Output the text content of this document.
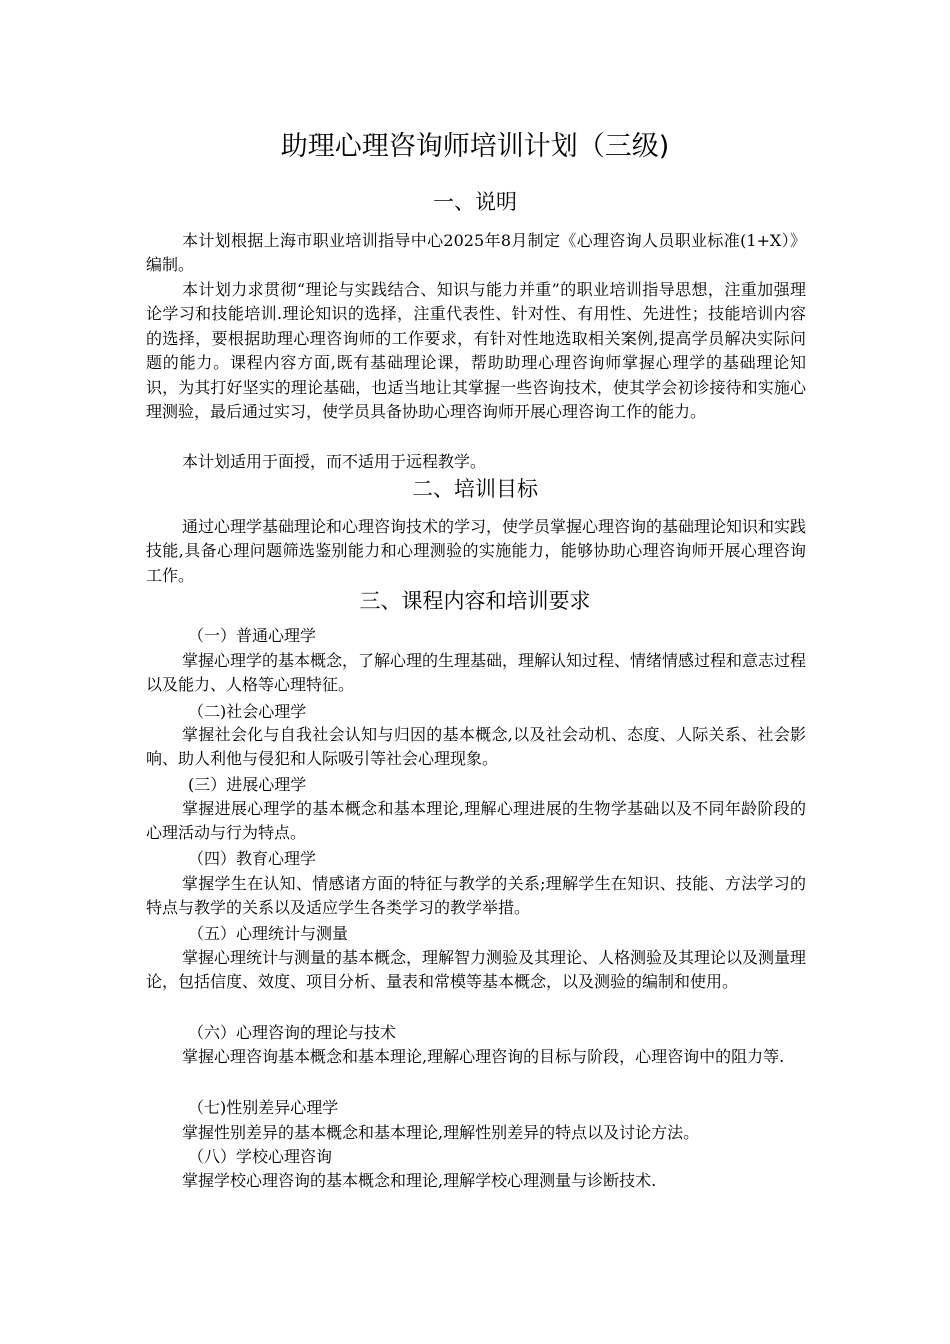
助理心理咨询师培训计划（三级)
一、说明

本计划根据上海市职业培训指导中心2025年8月制定《心理咨询人员职业标准(1+X）》编制。

本计划力求贯彻“理论与实践结合、知识与能力并重”的职业培训指导思想，注重加强理论学习和技能培训.理论知识的选择，注重代表性、针对性、有用性、先进性；技能培训内容的选择，要根据助理心理咨询师的工作要求，有针对性地选取相关案例,提高学员解决实际问题的能力。课程内容方面,既有基础理论课，帮助助理心理咨询师掌握心理学的基础理论知识，为其打好坚实的理论基础，也适当地让其掌握一些咨询技术，使其学会初诊接待和实施心理测验，最后通过实习，使学员具备协助心理咨询师开展心理咨询工作的能力。

本计划适用于面授，而不适用于远程教学。

二、培训目标

通过心理学基础理论和心理咨询技术的学习，使学员掌握心理咨询的基础理论知识和实践技能,具备心理问题筛选鉴别能力和心理测验的实施能力，能够协助心理咨询师开展心理咨询工作。

三、课程内容和培训要求

（一）普通心理学

掌握心理学的基本概念，了解心理的生理基础，理解认知过程、情绪情感过程和意志过程以及能力、人格等心理特征。

（二)社会心理学

掌握社会化与自我社会认知与归因的基本概念,以及社会动机、态度、人际关系、社会影响、助人利他与侵犯和人际吸引等社会心理现象。

(三）进展心理学

掌握进展心理学的基本概念和基本理论,理解心理进展的生物学基础以及不同年龄阶段的心理活动与行为特点。

（四）教育心理学

掌握学生在认知、情感诸方面的特征与教学的关系;理解学生在知识、技能、方法学习的特点与教学的关系以及适应学生各类学习的教学举措。

（五）心理统计与测量

掌握心理统计与测量的基本概念，理解智力测验及其理论、人格测验及其理论以及测量理论，包括信度、效度、项目分析、量表和常模等基本概念，以及测验的编制和使用。

（六）心理咨询的理论与技术

掌握心理咨询基本概念和基本理论,理解心理咨询的目标与阶段，心理咨询中的阻力等.

（七)性别差异心理学

掌握性别差异的基本概念和基本理论,理解性别差异的特点以及讨论方法。

（八）学校心理咨询

掌握学校心理咨询的基本概念和理论,理解学校心理测量与诊断技术.
